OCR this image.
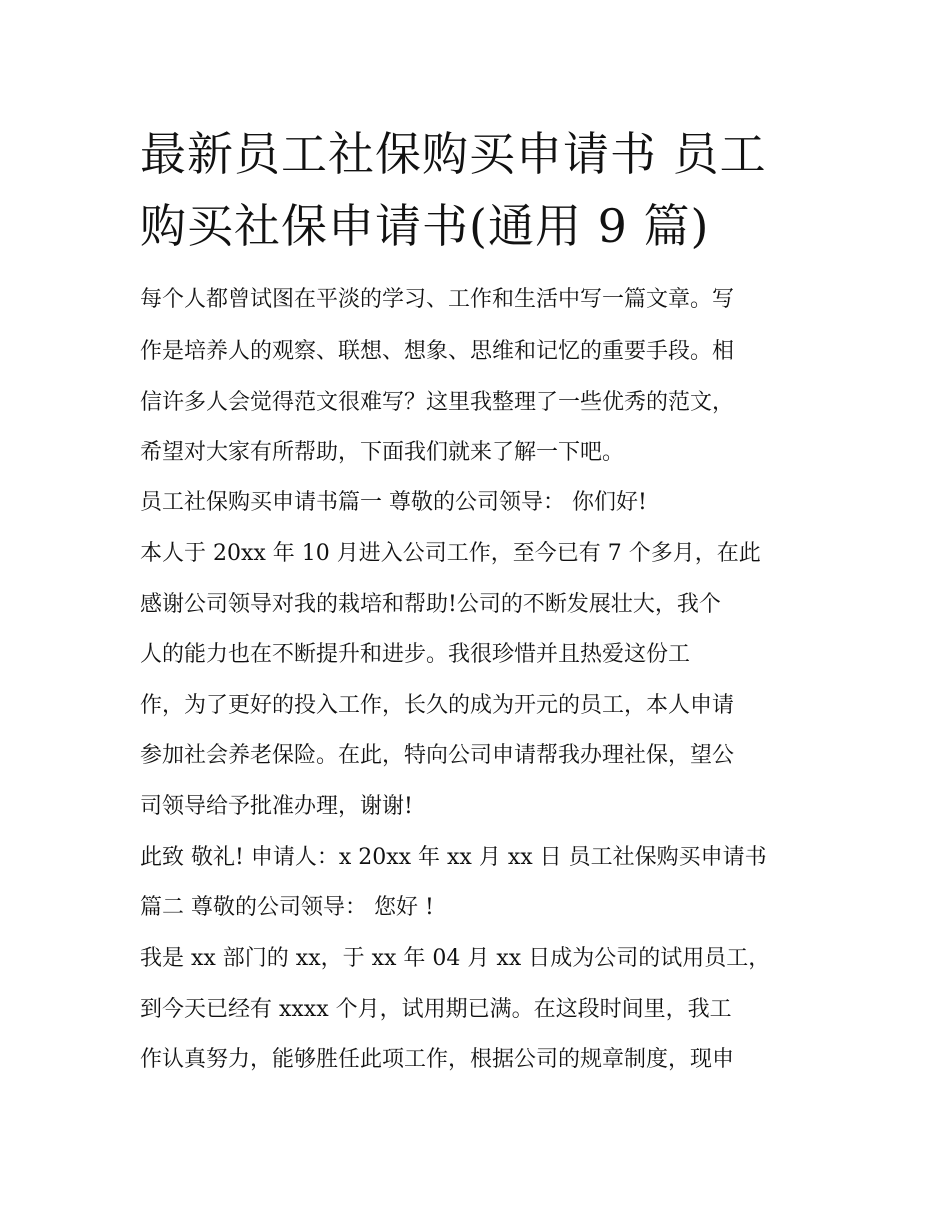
最新员工社保购买申请书 员工
购买社保申请书(通用 9 篇)

每个人都曾试图在平淡的学习、工作和生活中写一篇文章。写

作是培养人的观察、联想、想象、思维和记忆的重要手段。相

信许多人会觉得范文很难写？这里我整理了一些优秀的范文，

希望对大家有所帮助，下面我们就来了解一下吧。

员工社保购买申请书篇一 尊敬的公司领导： 你们好!

本人于 20xx 年 10 月进入公司工作，至今已有 7 个多月，在此

感谢公司领导对我的栽培和帮助!公司的不断发展壮大，我个

人的能力也在不断提升和进步。我很珍惜并且热爱这份工

作，为了更好的投入工作，长久的成为开元的员工，本人申请

参加社会养老保险。在此，特向公司申请帮我办理社保，望公

司领导给予批准办理，谢谢!

此致 敬礼! 申请人：x 20xx 年 xx 月 xx 日 员工社保购买申请书

篇二 尊敬的公司领导： 您好 !

我是 xx 部门的 xx，于 xx 年 04 月 xx 日成为公司的试用员工，

到今天已经有 xxxx 个月，试用期已满。在这段时间里，我工

作认真努力，能够胜任此项工作，根据公司的规章制度，现申
